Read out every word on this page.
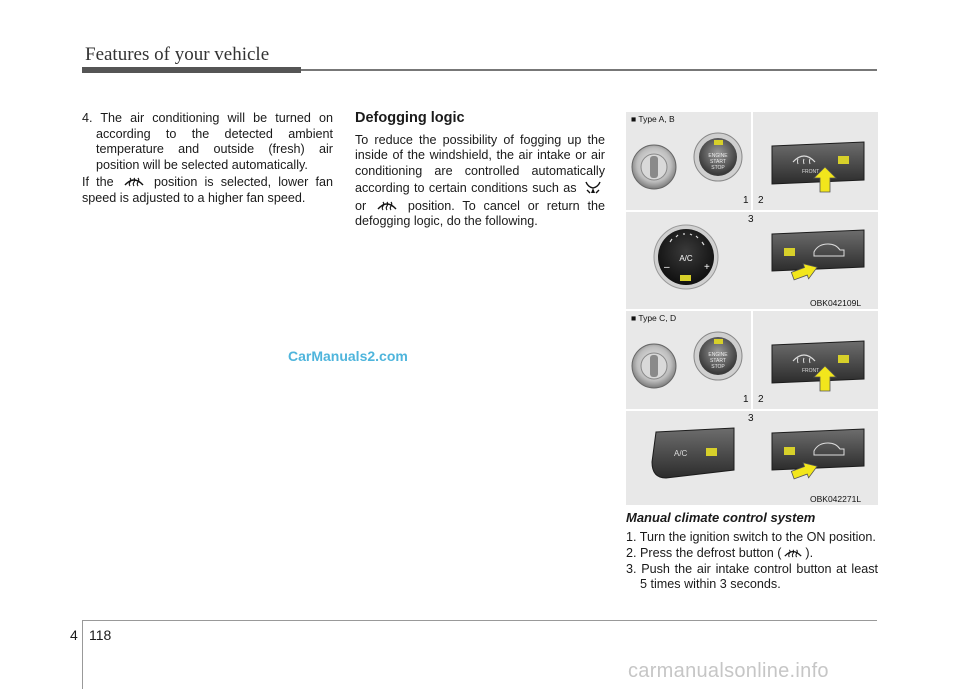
Features of your vehicle

4. The air conditioning will be turned on according to the detected ambient temperature and outside (fresh) air position will be selected automatically.

If the	position is selected, lower fan speed is adjusted to a higher fan speed.

Defogging logic

To reduce the possibility of fogging up the inside of the windshield, the air intake or air conditioning are controlled automatically according to certain conditions such as  or	position. To cancel or return the defogging logic, do the following.

ENGINE
START
STOP
FRONT
1 2
3
A/C
–	+
■ Type A, B
OBK042109L
ENGINE
START
STOP
FRONT
1 2
3
A/C
■ Type C, D
OBK042271L
Manual climate control system

1. Turn the ignition switch to the ON position.

2. Press the defrost button ( ).

3. Push the air intake control button at least 5 times within 3 seconds.

CarManuals2.com
4 118
carmanualsonline.info
